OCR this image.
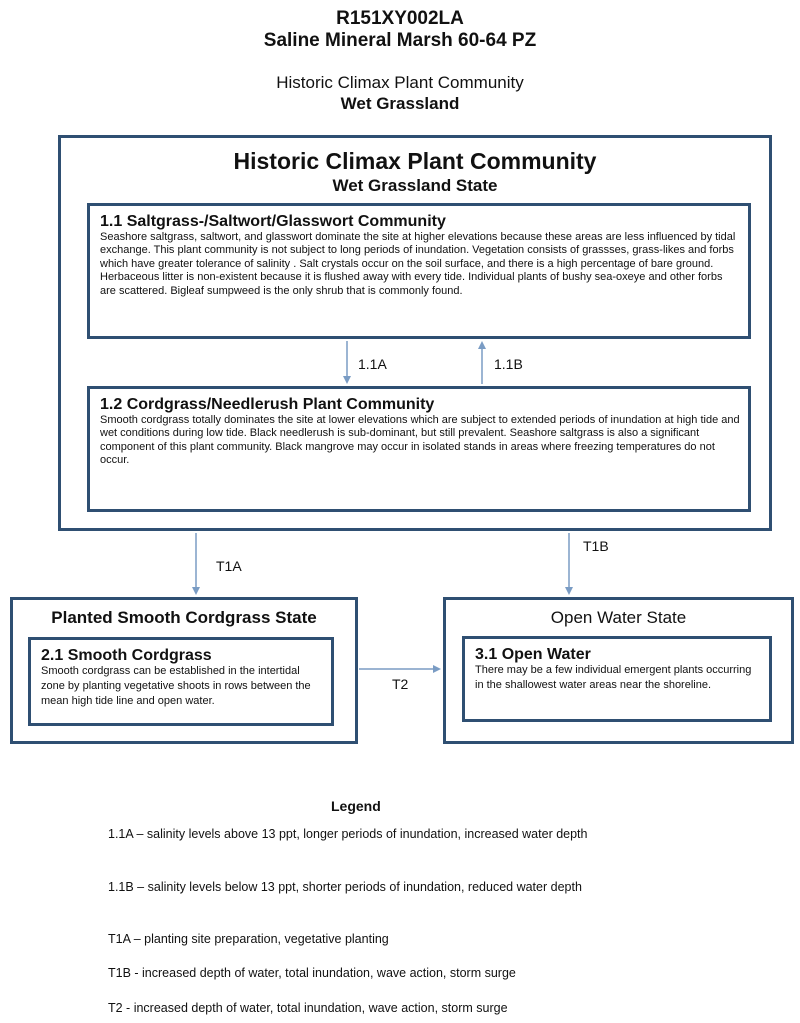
R151XY002LA
Saline Mineral Marsh 60-64 PZ
Historic Climax Plant Community
Wet Grassland
Historic Climax Plant Community
Wet Grassland State
1.1 Saltgrass-/Saltwort/Glasswort Community
Seashore saltgrass, saltwort, and glasswort dominate the site at higher elevations because these areas are less influenced by tidal exchange. This plant community is not subject to long periods of inundation. Vegetation consists of grassses, grass-likes and forbs which have greater tolerance of salinity . Salt crystals occur on the soil surface, and there is a high percentage of bare ground. Herbaceous litter is non-existent because it is flushed away with every tide. Individual plants of bushy sea-oxeye and other forbs are scattered. Bigleaf sumpweed is the only shrub that is commonly found.
1.2 Cordgrass/Needlerush Plant Community
Smooth cordgrass totally dominates the site at lower elevations which are subject to extended periods of inundation at high tide and wet conditions during low tide. Black needlerush is sub-dominant, but still prevalent. Seashore saltgrass is also a significant component of this plant community. Black mangrove may occur in isolated stands in areas where freezing temperatures do not occur.
Planted Smooth Cordgrass State
2.1 Smooth Cordgrass
Smooth cordgrass can be established in the intertidal zone by planting vegetative shoots in rows between the mean high tide line and open water.
Open Water State
3.1 Open Water
There may be a few individual emergent plants occurring in the shallowest water areas near the shoreline.
1.1A	1.1B
T1A
T1B
T2
Legend
1.1A – salinity levels above 13 ppt, longer periods of inundation, increased water depth
1.1B – salinity levels below 13 ppt, shorter periods of inundation, reduced water depth
T1A – planting site preparation, vegetative planting
T1B - increased depth of water, total inundation, wave action, storm surge
T2 - increased depth of water, total inundation, wave action, storm surge
